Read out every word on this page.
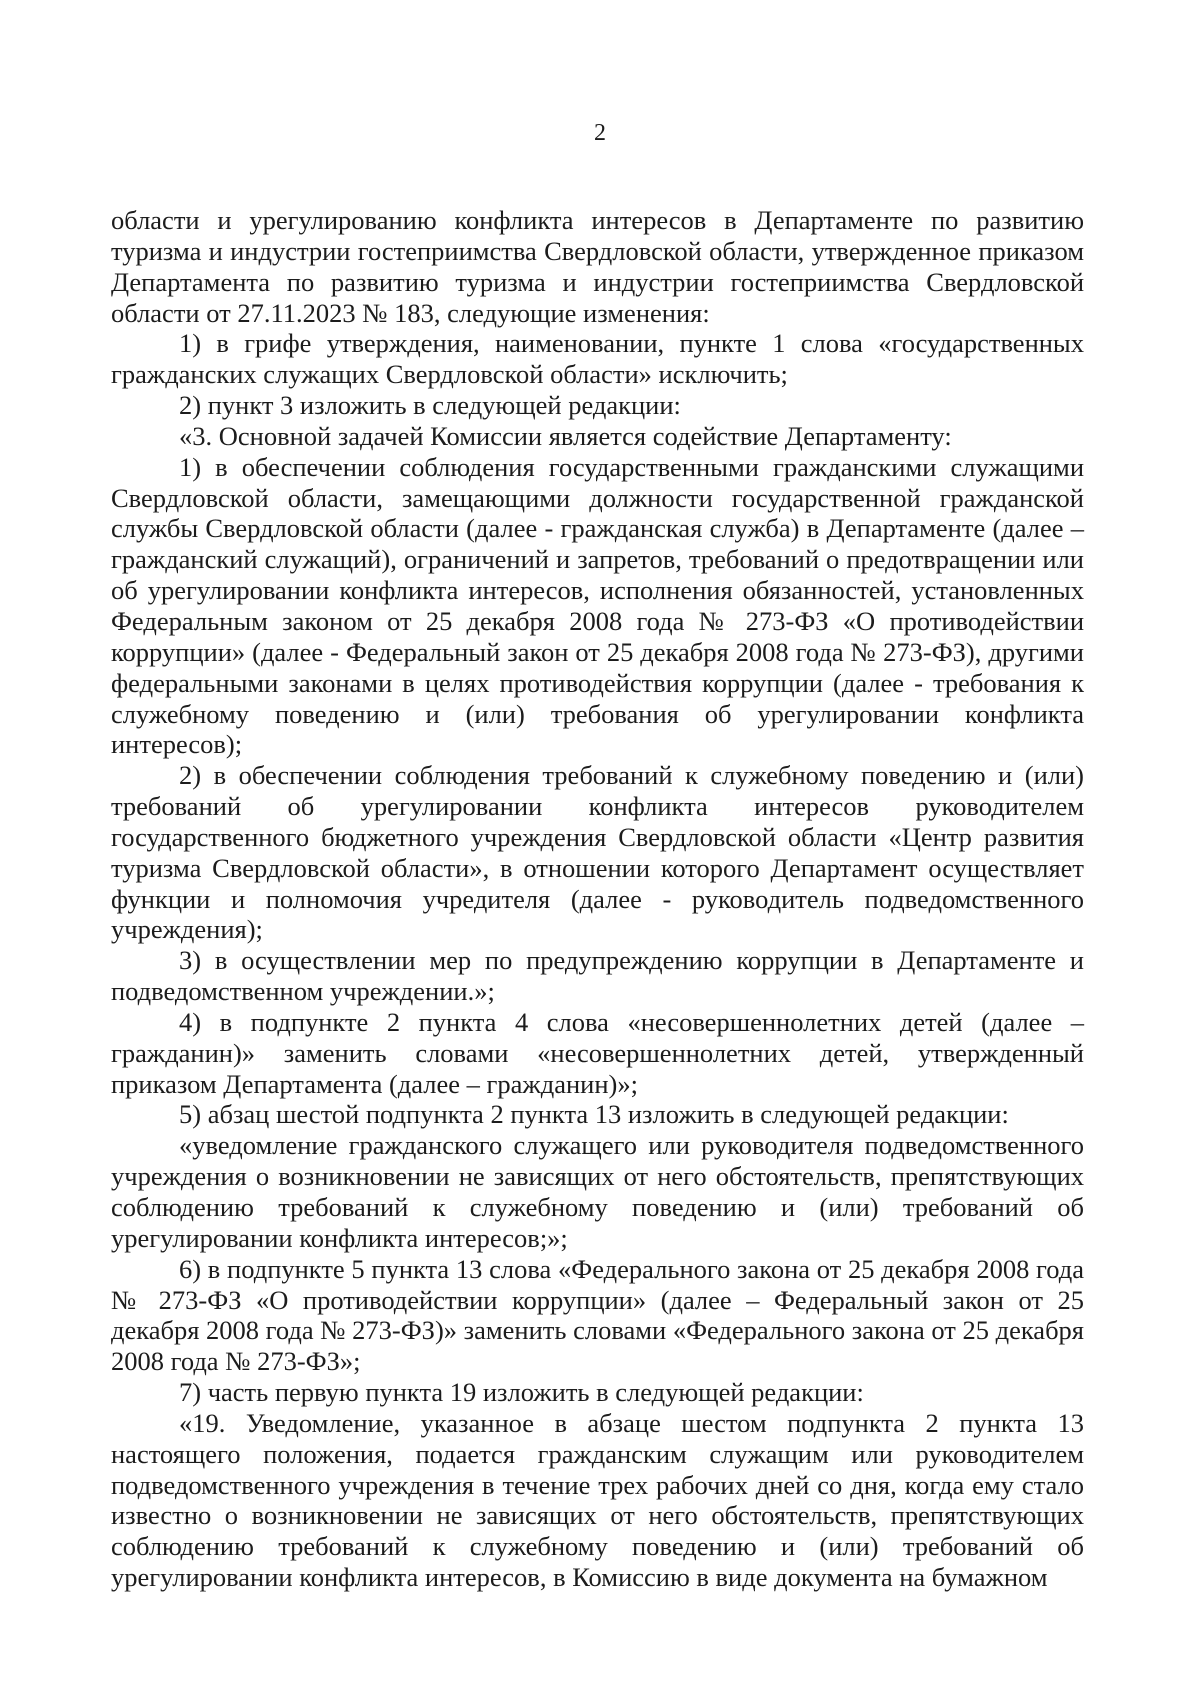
2

области и урегулированию конфликта интересов в Департаменте по развитию туризма и индустрии гостеприимства Свердловской области, утвержденное приказом Департамента по развитию туризма и индустрии гостеприимства Свердловской области от 27.11.2023 № 183, следующие изменения:

1) в грифе утверждения, наименовании, пункте 1 слова «государственных гражданских служащих Свердловской области» исключить;

2) пункт 3 изложить в следующей редакции:

«3. Основной задачей Комиссии является содействие Департаменту:

1) в обеспечении соблюдения государственными гражданскими служащими Свердловской области, замещающими должности государственной гражданской службы Свердловской области (далее - гражданская служба) в Департаменте (далее – гражданский служащий), ограничений и запретов, требований о предотвращении или об урегулировании конфликта интересов, исполнения обязанностей, установленных Федеральным законом от 25 декабря 2008 года № 273-ФЗ «О противодействии коррупции» (далее - Федеральный закон от 25 декабря 2008 года № 273-ФЗ), другими федеральными законами в целях противодействия коррупции (далее - требования к служебному поведению и (или) требования об урегулировании конфликта интересов);

2) в обеспечении соблюдения требований к служебному поведению и (или) требований об урегулировании конфликта интересов руководителем государственного бюджетного учреждения Свердловской области «Центр развития туризма Свердловской области», в отношении которого Департамент осуществляет функции и полномочия учредителя (далее - руководитель подведомственного учреждения);

3) в осуществлении мер по предупреждению коррупции в Департаменте и подведомственном учреждении.»;

4) в подпункте 2 пункта 4 слова «несовершеннолетних детей (далее – гражданин)» заменить словами «несовершеннолетних детей, утвержденный приказом Департамента (далее – гражданин)»;

5) абзац шестой подпункта 2 пункта 13 изложить в следующей редакции:

«уведомление гражданского служащего или руководителя подведомственного учреждения о возникновении не зависящих от него обстоятельств, препятствующих соблюдению требований к служебному поведению и (или) требований об урегулировании конфликта интересов;»;

6) в подпункте 5 пункта 13 слова «Федерального закона от 25 декабря 2008 года № 273-ФЗ «О противодействии коррупции» (далее – Федеральный закон от 25 декабря 2008 года № 273-ФЗ)» заменить словами «Федерального закона от 25 декабря 2008 года № 273-ФЗ»;

7) часть первую пункта 19 изложить в следующей редакции:

«19. Уведомление, указанное в абзаце шестом подпункта 2 пункта 13 настоящего положения, подается гражданским служащим или руководителем подведомственного учреждения в течение трех рабочих дней со дня, когда ему стало известно о возникновении не зависящих от него обстоятельств, препятствующих соблюдению требований к служебному поведению и (или) требований об урегулировании конфликта интересов, в Комиссию в виде документа на бумажном
